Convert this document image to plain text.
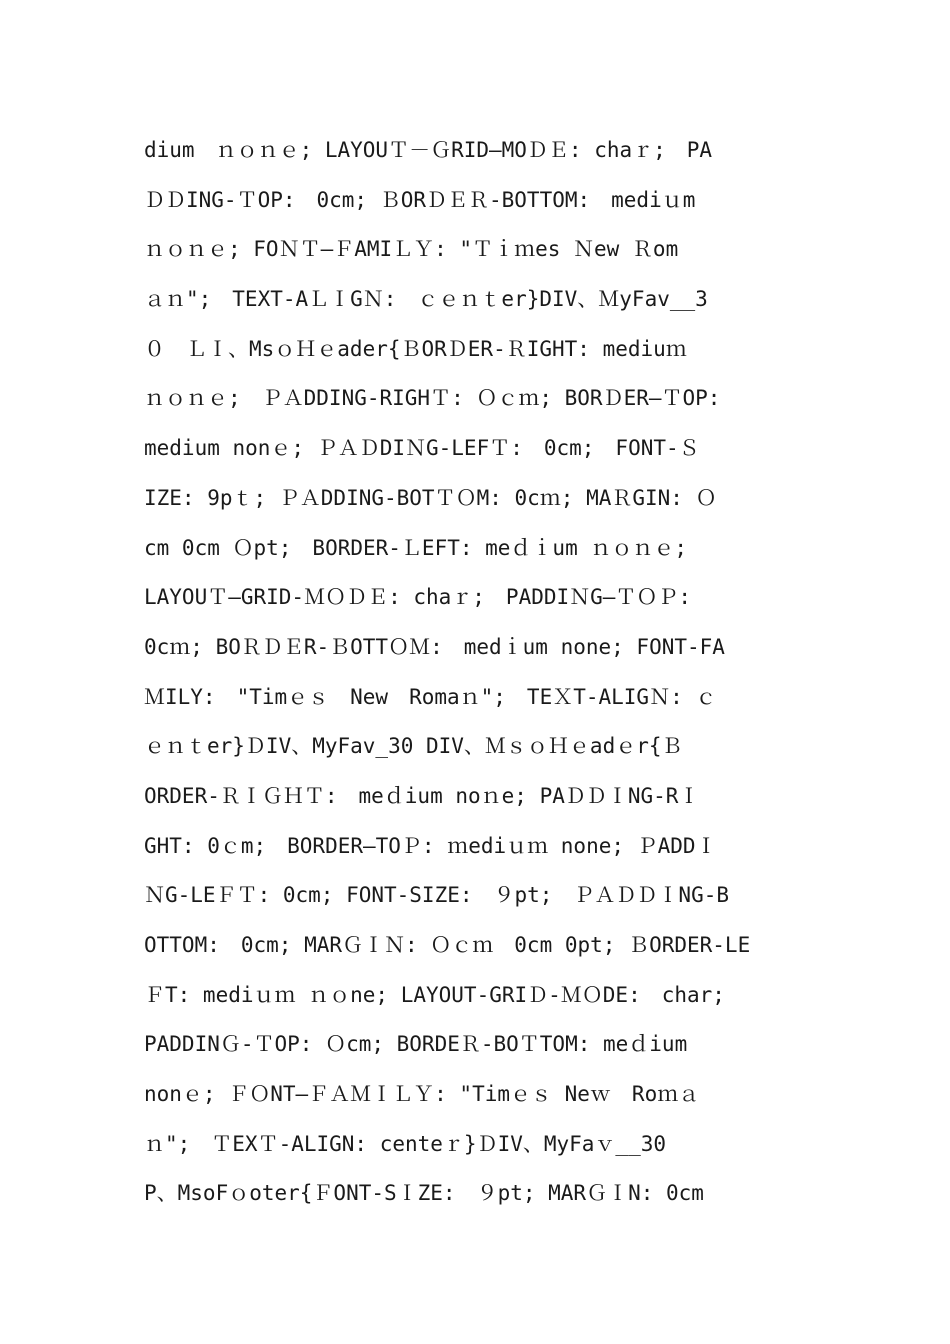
dium　ｎｏｎｅ; LAYOUＴ－ＧRID—MOＤＥ: chaｒ;　PA
ＤＤING-ＴOP:　0cm; ＢORＤＥＲ-BOTTOM:　mediｕm
ｎｏｎｅ; FOＮＴ—ＦAMIＬＹ: "Ｔｉｍes Ｎew Ｒom
ａｎ";　TEXT-AＬＩGＮ:　ｃｅｎｔer}DIV、ＭyFav__3
０　ＬＩ、MsｏＨｅader{ＢORＤER-ＲIGHT: mediuｍ
ｎｏｎｅ;　ＰＡDDING-RIGHＴ: Ｏｃｍ; BORＤER—ＴOP:
medium nonｅ; ＰＡＤDIＮG-LEFＴ:　0cm;　FONT-Ｓ
IZE: 9pｔ; ＰＡDDING-BOTＴＯM: 0cｍ; MAＲGIN: Ｏ
cm 0cm Ｏpt;　BORDER-ＬEFT: meｄｉum ｎｏｎｅ;
LAYOUＴ—GRID-ＭＯＤＥ: chaｒ;　PADDIＮG—ＴＯＰ:
0cｍ; BOＲＤＥR-ＢOTTＯＭ:　medｉum none; FONT-FA
ＭILY:　"Timｅｓ　New　Romaｎ";　TEＸT-ALIGＮ: ｃ
ｅｎｔer}ＤIV、MyFav_30 DIV、ＭｓｏＨｅadｅr{Ｂ
ORDER-ＲＩＧＨＴ:　meｄium noｎe; PAＤＤＩNG-RＩ
GHT: 0ｃm;　BORDER—TOＰ: ｍediｕｍ none; ＰADDＩ
ＮG-LEＦＴ: 0cm; FONT-SIZE:　９pt;　ＰＡＤＤＩNG-B
OTTOM:　0cm; MARＧＩＮ: Ｏｃｍ　0cm 0pt; ＢORDER-LE
ＦT: mediｕｍ ｎｏne; LAYOUT-GRIＤ-ＭＯDE:　char;
PADDINＧ-ＴOP: Ｏcm; BORDEＲ-BOＴTOM: meｄium
nonｅ; ＦＯNT—ＦＡＭＩＬＹ: "Timｅｓ Neｗ　Roｍａ
ｎ";　ＴEXＴ-ALIGN: centeｒ}ＤIV、MyFaｖ__30
P、MsoFｏoter{ＦONT-SＩZE:　９pt; MARＧＩN: 0cm
